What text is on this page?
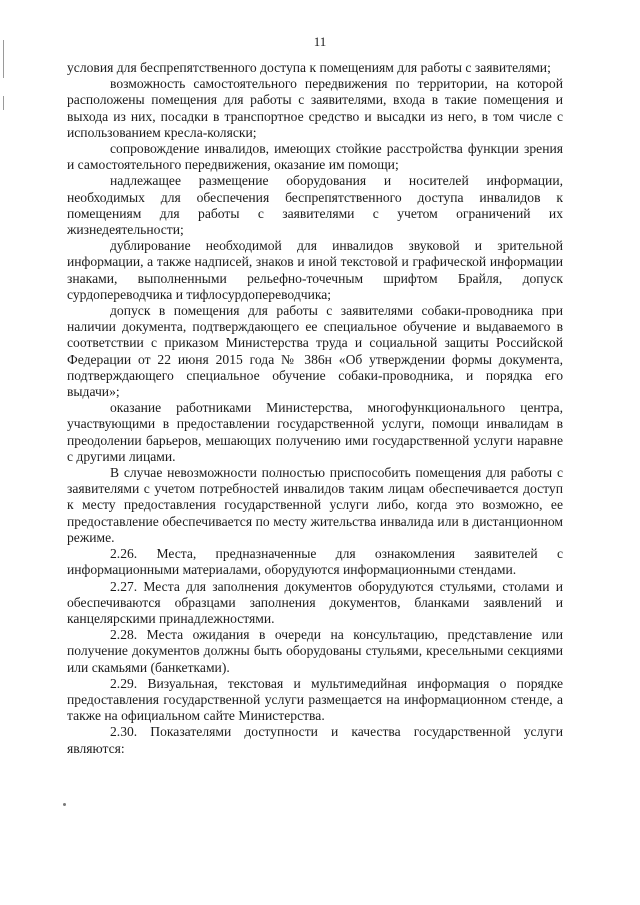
11

условия для беспрепятственного доступа к помещениям для работы с заявителями;

возможность самостоятельного передвижения по территории, на которой расположены помещения для работы с заявителями, входа в такие помещения и выхода из них, посадки в транспортное средство и высадки из него, в том числе с использованием кресла-коляски;

сопровождение инвалидов, имеющих стойкие расстройства функции зрения и самостоятельного передвижения, оказание им помощи;

надлежащее размещение оборудования и носителей информации, необходимых для обеспечения беспрепятственного доступа инвалидов к помещениям для работы с заявителями с учетом ограничений их жизнедеятельности;

дублирование необходимой для инвалидов звуковой и зрительной информации, а также надписей, знаков и иной текстовой и графической информации знаками, выполненными рельефно-точечным шрифтом Брайля, допуск сурдопереводчика и тифлосурдопереводчика;

допуск в помещения для работы с заявителями собаки-проводника при наличии документа, подтверждающего ее специальное обучение и выдаваемого в соответствии с приказом Министерства труда и социальной защиты Российской Федерации от 22 июня 2015 года № 386н «Об утверждении формы документа, подтверждающего специальное обучение собаки-проводника, и порядка его выдачи»;

оказание работниками Министерства, многофункционального центра, участвующими в предоставлении государственной услуги, помощи инвалидам в преодолении барьеров, мешающих получению ими государственной услуги наравне с другими лицами.

В случае невозможности полностью приспособить помещения для работы с заявителями с учетом потребностей инвалидов таким лицам обеспечивается доступ к месту предоставления государственной услуги либо, когда это возможно, ее предоставление обеспечивается по месту жительства инвалида или в дистанционном режиме.

2.26. Места, предназначенные для ознакомления заявителей с информационными материалами, оборудуются информационными стендами.

2.27. Места для заполнения документов оборудуются стульями, столами и обеспечиваются образцами заполнения документов, бланками заявлений и канцелярскими принадлежностями.

2.28. Места ожидания в очереди на консультацию, представление или получение документов должны быть оборудованы стульями, кресельными секциями или скамьями (банкетками).

2.29. Визуальная, текстовая и мультимедийная информация о порядке предоставления государственной услуги размещается на информационном стенде, а также на официальном сайте Министерства.

2.30. Показателями доступности и качества государственной услуги являются:
